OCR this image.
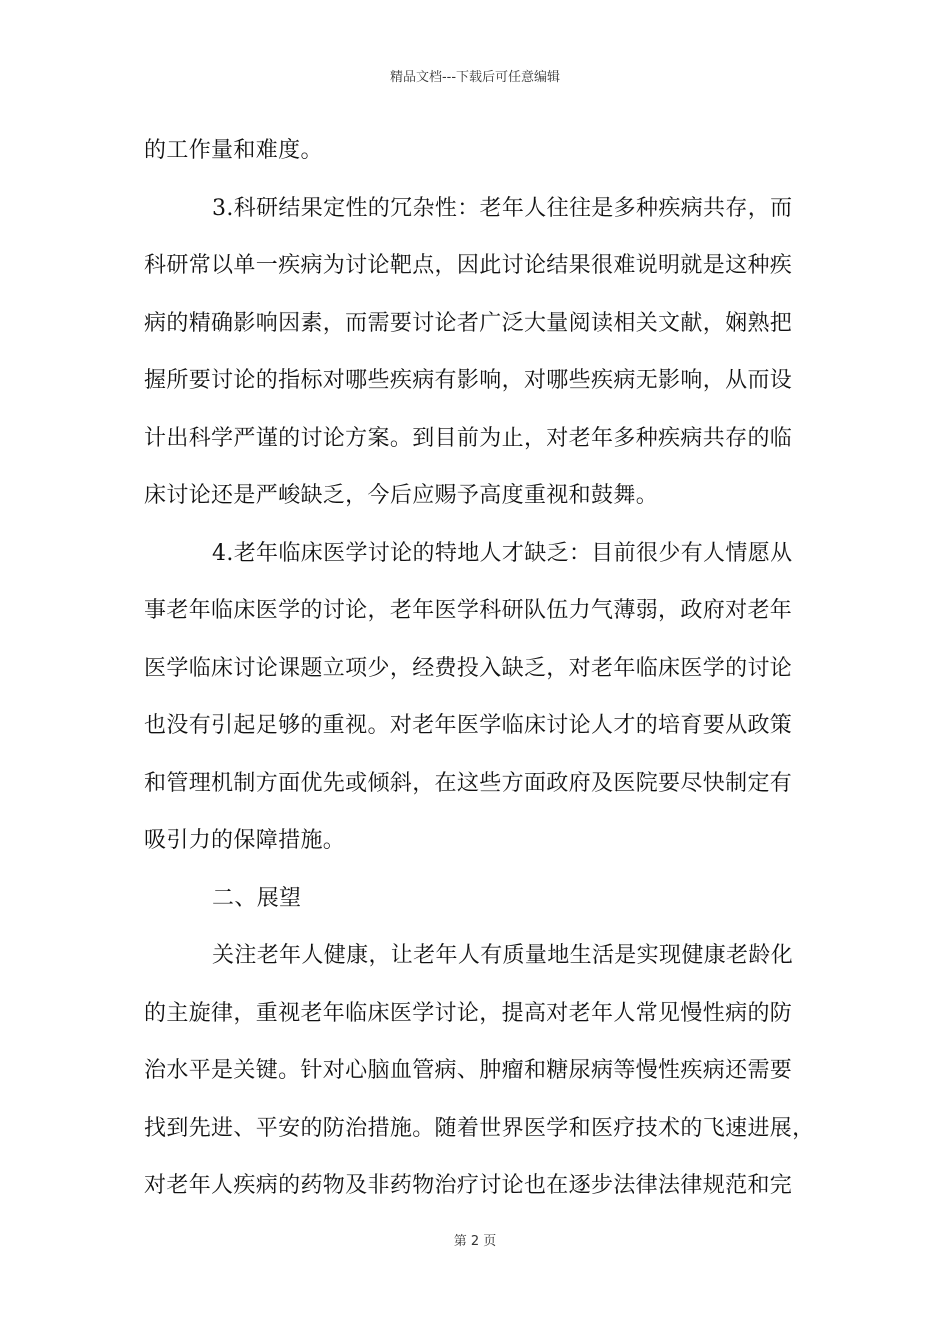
精品文档---下载后可任意编辑
的工作量和难度。
3.科研结果定性的冗杂性：老年人往往是多种疾病共存，而
科研常以单一疾病为讨论靶点，因此讨论结果很难说明就是这种疾
病的精确影响因素，而需要讨论者广泛大量阅读相关文献，娴熟把
握所要讨论的指标对哪些疾病有影响，对哪些疾病无影响，从而设
计出科学严谨的讨论方案。到目前为止，对老年多种疾病共存的临
床讨论还是严峻缺乏，今后应赐予高度重视和鼓舞。
4.老年临床医学讨论的特地人才缺乏：目前很少有人情愿从
事老年临床医学的讨论，老年医学科研队伍力气薄弱，政府对老年
医学临床讨论课题立项少，经费投入缺乏，对老年临床医学的讨论
也没有引起足够的重视。对老年医学临床讨论人才的培育要从政策
和管理机制方面优先或倾斜，在这些方面政府及医院要尽快制定有
吸引力的保障措施。
二、展望
关注老年人健康，让老年人有质量地生活是实现健康老龄化
的主旋律，重视老年临床医学讨论，提高对老年人常见慢性病的防
治水平是关键。针对心脑血管病、肿瘤和糖尿病等慢性疾病还需要
找到先进、平安的防治措施。随着世界医学和医疗技术的飞速进展，
对老年人疾病的药物及非药物治疗讨论也在逐步法律法律规范和完
第 2 页
